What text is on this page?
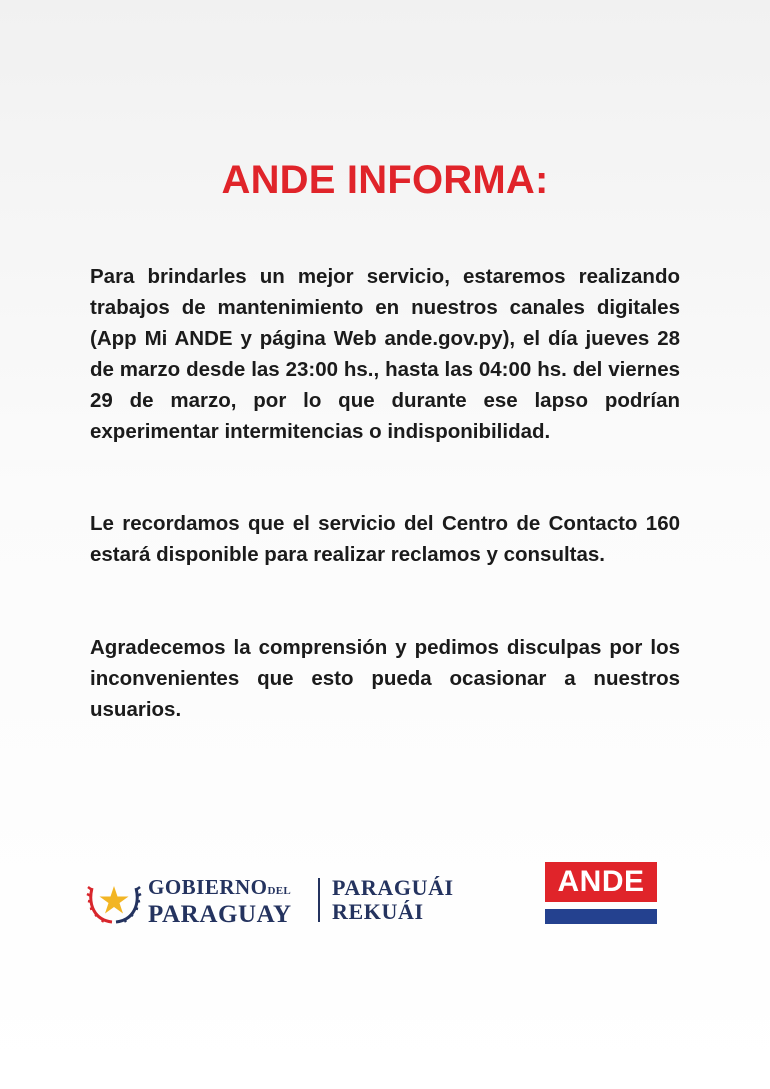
ANDE INFORMA:

Para brindarles un mejor servicio, estaremos realizando trabajos de mantenimiento en nuestros canales digitales (App Mi ANDE y página Web ande.gov.py), el día jueves 28 de marzo desde las 23:00 hs., hasta las 04:00 hs. del viernes 29 de marzo, por lo que durante ese lapso podrían experimentar intermitencias o indisponibilidad.

Le recordamos que el servicio del Centro de Contacto 160 estará disponible para realizar reclamos y consultas.

Agradecemos la comprensión y pedimos disculpas por los inconvenientes que esto pueda ocasionar a nuestros usuarios.

GOBIERNODEL
PARAGUAY
PARAGUÁI
REKUÁI
ANDE
